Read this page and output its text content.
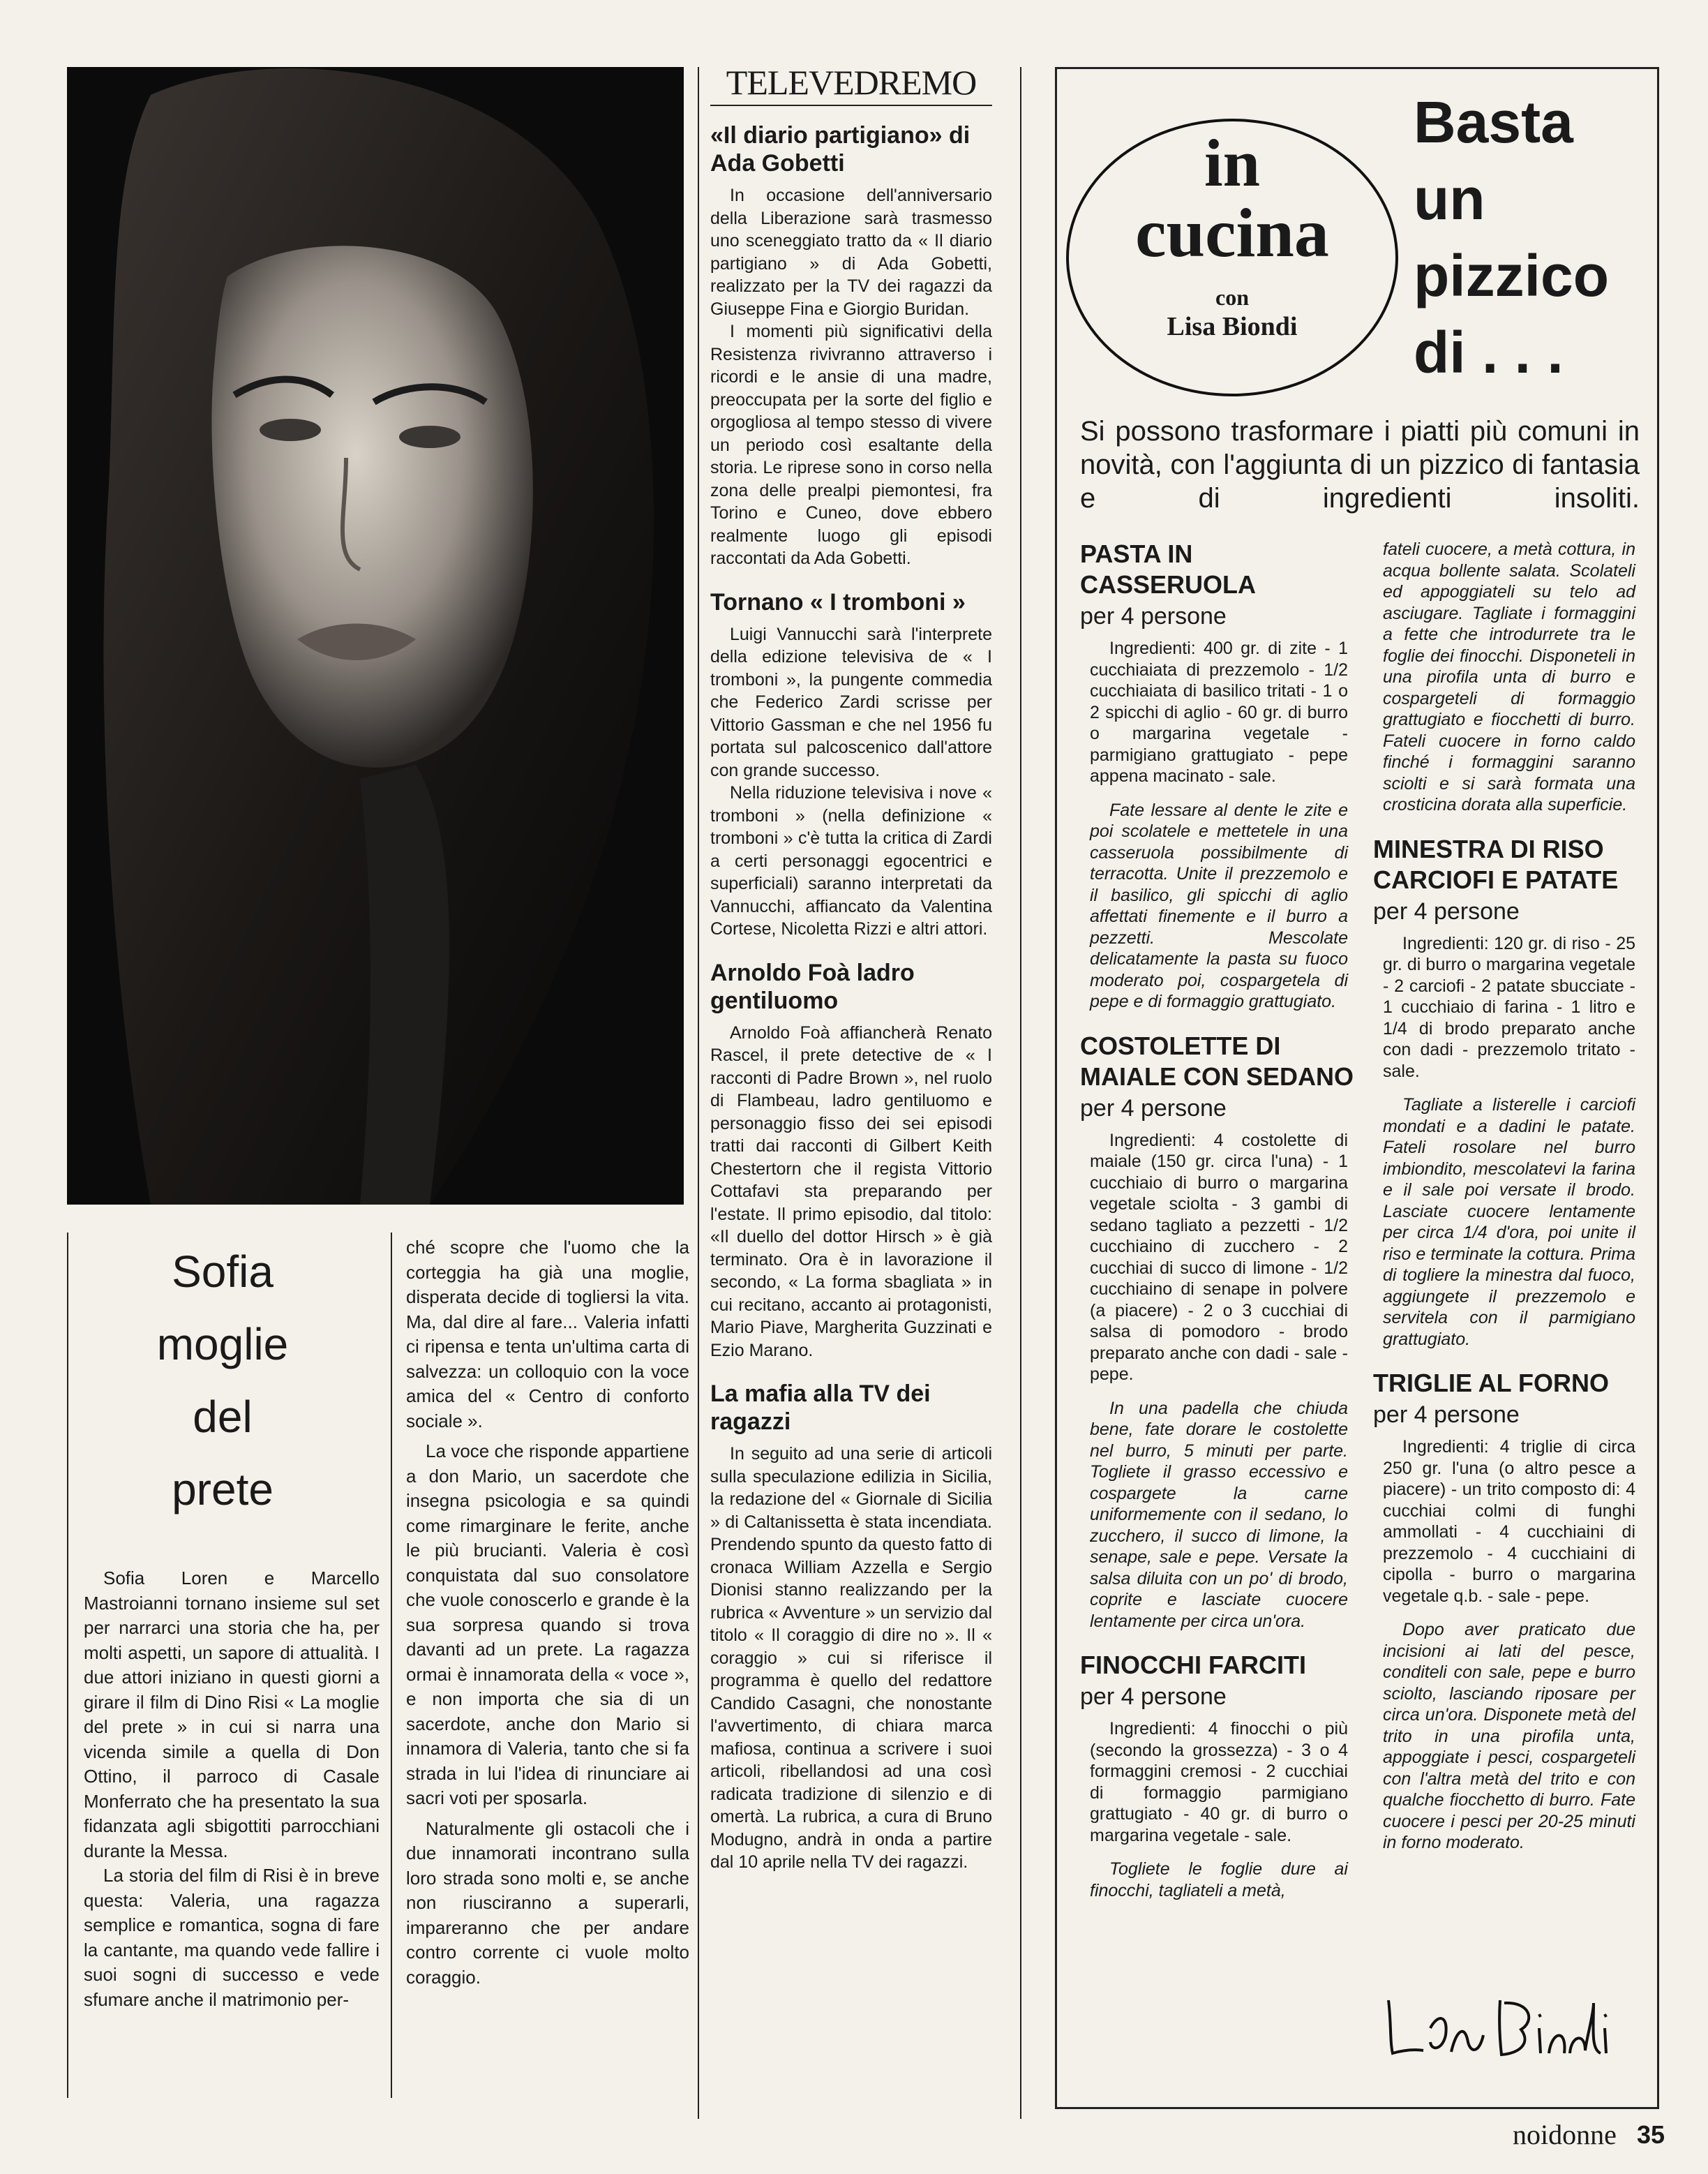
TELEVEDREMO

«Il diario partigiano» di Ada Gobetti

In occasione dell'anniversario della Liberazione sarà trasmesso uno sceneggiato tratto da « Il diario partigiano » di Ada Gobetti, realizzato per la TV dei ragazzi da Giuseppe Fina e Giorgio Buridan.

I momenti più significativi della Resistenza rivivranno attraverso i ricordi e le ansie di una madre, preoccupata per la sorte del figlio e orgogliosa al tempo stesso di vivere un periodo così esaltante della storia. Le riprese sono in corso nella zona delle prealpi piemontesi, fra Torino e Cuneo, dove ebbero realmente luogo gli episodi raccontati da Ada Gobetti.

Tornano « I tromboni »

Luigi Vannucchi sarà l'interprete della edizione televisiva de « I tromboni », la pungente commedia che Federico Zardi scrisse per Vittorio Gassman e che nel 1956 fu portata sul palcoscenico dall'attore con grande successo.

Nella riduzione televisiva i nove « tromboni » (nella definizione « tromboni » c'è tutta la critica di Zardi a certi personaggi egocentrici e superficiali) saranno interpretati da Vannucchi, affiancato da Valentina Cortese, Nicoletta Rizzi e altri attori.

Arnoldo Foà ladro gentiluomo

Arnoldo Foà affiancherà Renato Rascel, il prete detective de « I racconti di Padre Brown », nel ruolo di Flambeau, ladro gentiluomo e personaggio fisso dei sei episodi tratti dai racconti di Gilbert Keith Chestertorn che il regista Vittorio Cottafavi sta preparando per l'estate. Il primo episodio, dal titolo: «Il duello del dottor Hirsch » è già terminato. Ora è in lavorazione il secondo, « La forma sbagliata » in cui recitano, accanto ai protagonisti, Mario Piave, Margherita Guzzinati e Ezio Marano.

La mafia alla TV dei ragazzi

In seguito ad una serie di articoli sulla speculazione edilizia in Sicilia, la redazione del « Giornale di Sicilia » di Caltanissetta è stata incendiata. Prendendo spunto da questo fatto di cronaca William Azzella e Sergio Dionisi stanno realizzando per la rubrica « Avventure » un servizio dal titolo « Il coraggio di dire no ». Il « coraggio » cui si riferisce il programma è quello del redattore Candido Casagni, che nonostante l'avvertimento, di chiara marca mafiosa, continua a scrivere i suoi articoli, ribellandosi ad una così radicata tradizione di silenzio e di omertà. La rubrica, a cura di Bruno Modugno, andrà in onda a partire dal 10 aprile nella TV dei ragazzi.

Sofia
moglie
del
prete

Sofia Loren e Marcello Mastroianni tornano insieme sul set per narrarci una storia che ha, per molti aspetti, un sapore di attualità. I due attori iniziano in questi giorni a girare il film di Dino Risi « La moglie del prete » in cui si narra una vicenda simile a quella di Don Ottino, il parroco di Casale Monferrato che ha presentato la sua fidanzata agli sbigottiti parrocchiani durante la Messa.

La storia del film di Risi è in breve questa: Valeria, una ragazza semplice e romantica, sogna di fare la cantante, ma quando vede fallire i suoi sogni di successo e vede sfumare anche il matrimonio per-

ché scopre che l'uomo che la corteggia ha già una moglie, disperata decide di togliersi la vita. Ma, dal dire al fare... Valeria infatti ci ripensa e tenta un'ultima carta di salvezza: un colloquio con la voce amica del « Centro di conforto sociale ».

La voce che risponde appartiene a don Mario, un sacerdote che insegna psicologia e sa quindi come rimarginare le ferite, anche le più brucianti. Valeria è così conquistata dal suo consolatore che vuole conoscerlo e grande è la sua sorpresa quando si trova davanti ad un prete. La ragazza ormai è innamorata della « voce », e non importa che sia di un sacerdote, anche don Mario si innamora di Valeria, tanto che si fa strada in lui l'idea di rinunciare ai sacri voti per sposarla.

Naturalmente gli ostacoli che i due innamorati incontrano sulla loro strada sono molti e, se anche non riusciranno a superarli, impareranno che per andare contro corrente ci vuole molto coraggio.

in
cucina
con
Lisa Biondi
Basta
un
pizzico
di . . .
Si possono trasformare i piatti più comuni in novità, con l'aggiunta di un pizzico di fantasia e di ingredienti insoliti.

PASTA IN CASSERUOLA

per 4 persone

Ingredienti: 400 gr. di zite - 1 cucchiaiata di prezzemolo - 1/2 cucchiaiata di basilico tritati - 1 o 2 spicchi di aglio - 60 gr. di burro o margarina vegetale - parmigiano grattugiato - pepe appena macinato - sale.

Fate lessare al dente le zite e poi scolatele e mettetele in una casseruola possibilmente di terracotta. Unite il prezzemolo e il basilico, gli spicchi di aglio affettati finemente e il burro a pezzetti. Mescolate delicatamente la pasta su fuoco moderato poi, cospargetela di pepe e di formaggio grattugiato.

COSTOLETTE DI MAIALE CON SEDANO

per 4 persone

Ingredienti: 4 costolette di maiale (150 gr. circa l'una) - 1 cucchiaio di burro o margarina vegetale sciolta - 3 gambi di sedano tagliato a pezzetti - 1/2 cucchiaino di zucchero - 2 cucchiai di succo di limone - 1/2 cucchiaino di senape in polvere (a piacere) - 2 o 3 cucchiai di salsa di pomodoro - brodo preparato anche con dadi - sale - pepe.

In una padella che chiuda bene, fate dorare le costolette nel burro, 5 minuti per parte. Togliete il grasso eccessivo e cospargete la carne uniformemente con il sedano, lo zucchero, il succo di limone, la senape, sale e pepe. Versate la salsa diluita con un po' di brodo, coprite e lasciate cuocere lentamente per circa un'ora.

FINOCCHI FARCITI

per 4 persone

Ingredienti: 4 finocchi o più (secondo la grossezza) - 3 o 4 formaggini cremosi - 2 cucchiai di formaggio parmigiano grattugiato - 40 gr. di burro o margarina vegetale - sale.

Togliete le foglie dure ai finocchi, tagliateli a metà,

fateli cuocere, a metà cottura, in acqua bollente salata. Scolateli ed appoggiateli su telo ad asciugare. Tagliate i formaggini a fette che introdurrete tra le foglie dei finocchi. Disponeteli in una pirofila unta di burro e cospargeteli di formaggio grattugiato e fiocchetti di burro. Fateli cuocere in forno caldo finché i formaggini saranno sciolti e si sarà formata una crosticina dorata alla superficie.

MINESTRA DI RISO CARCIOFI E PATATE

per 4 persone

Ingredienti: 120 gr. di riso - 25 gr. di burro o margarina vegetale - 2 carciofi - 2 patate sbucciate - 1 cucchiaio di farina - 1 litro e 1/4 di brodo preparato anche con dadi - prezzemolo tritato - sale.

Tagliate a listerelle i carciofi mondati e a dadini le patate. Fateli rosolare nel burro imbiondito, mescolatevi la farina e il sale poi versate il brodo. Lasciate cuocere lentamente per circa 1/4 d'ora, poi unite il riso e terminate la cottura. Prima di togliere la minestra dal fuoco, aggiungete il prezzemolo e servitela con il parmigiano grattugiato.

TRIGLIE AL FORNO

per 4 persone

Ingredienti: 4 triglie di circa 250 gr. l'una (o altro pesce a piacere) - un trito composto di: 4 cucchiai colmi di funghi ammollati - 4 cucchiaini di prezzemolo - 4 cucchiaini di cipolla - burro o margarina vegetale q.b. - sale - pepe.

Dopo aver praticato due incisioni ai lati del pesce, conditeli con sale, pepe e burro sciolto, lasciando riposare per circa un'ora. Disponete metà del trito in una pirofila unta, appoggiate i pesci, cospargeteli con l'altra metà del trito e con qualche fiocchetto di burro. Fate cuocere i pesci per 20-25 minuti in forno moderato.

noidonne 35
